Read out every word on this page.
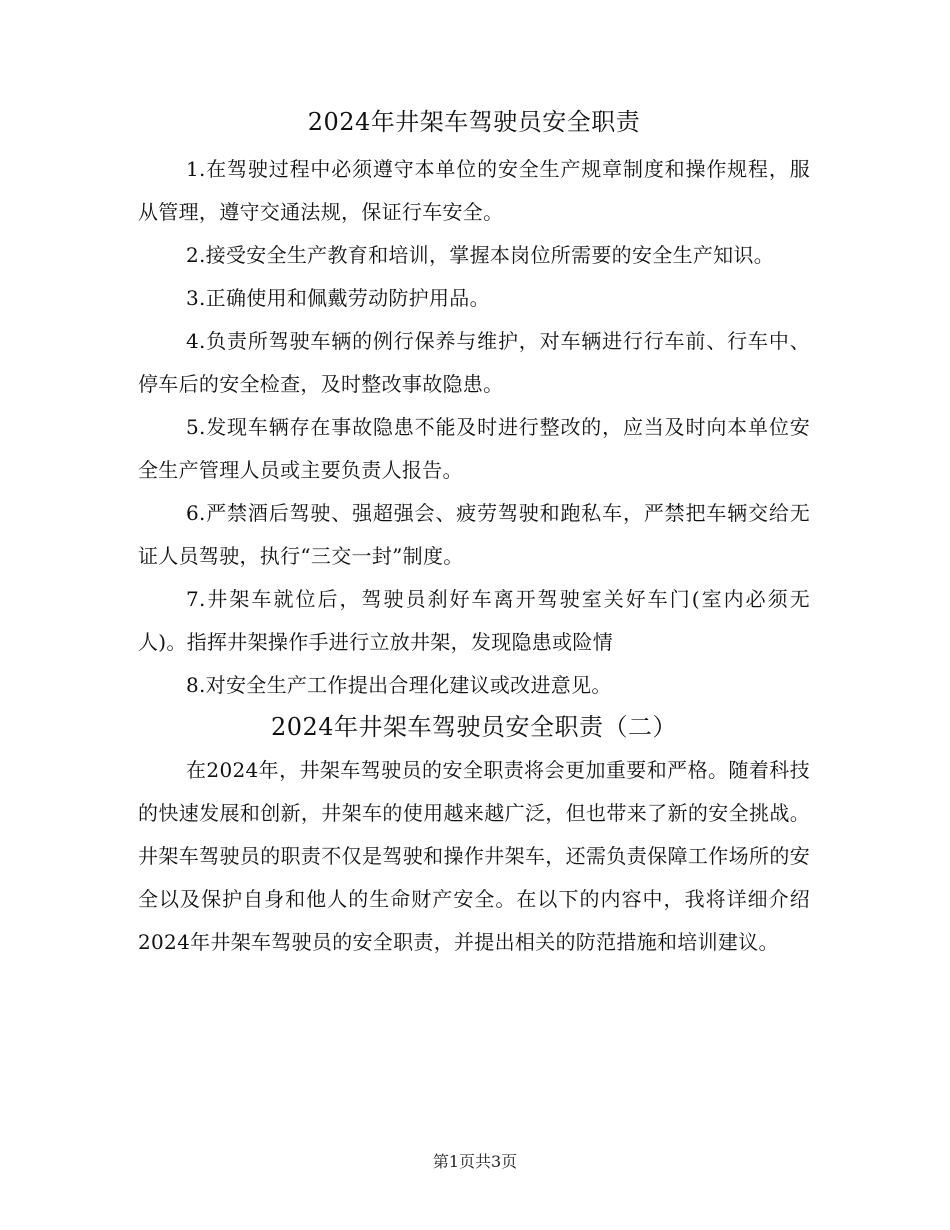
2024年井架车驾驶员安全职责

1.在驾驶过程中必须遵守本单位的安全生产规章制度和操作规程，服从管理，遵守交通法规，保证行车安全。

2.接受安全生产教育和培训，掌握本岗位所需要的安全生产知识。

3.正确使用和佩戴劳动防护用品。

4.负责所驾驶车辆的例行保养与维护，对车辆进行行车前、行车中、停车后的安全检查，及时整改事故隐患。

5.发现车辆存在事故隐患不能及时进行整改的，应当及时向本单位安全生产管理人员或主要负责人报告。

6.严禁酒后驾驶、强超强会、疲劳驾驶和跑私车，严禁把车辆交给无证人员驾驶，执行“三交一封”制度。

7.井架车就位后，驾驶员刹好车离开驾驶室关好车门(室内必须无人)。指挥井架操作手进行立放井架，发现隐患或险情

8.对安全生产工作提出合理化建议或改进意见。

2024年井架车驾驶员安全职责（二）

在2024年，井架车驾驶员的安全职责将会更加重要和严格。随着科技的快速发展和创新，井架车的使用越来越广泛，但也带来了新的安全挑战。井架车驾驶员的职责不仅是驾驶和操作井架车，还需负责保障工作场所的安全以及保护自身和他人的生命财产安全。在以下的内容中，我将详细介绍2024年井架车驾驶员的安全职责，并提出相关的防范措施和培训建议。

第1页共3页
